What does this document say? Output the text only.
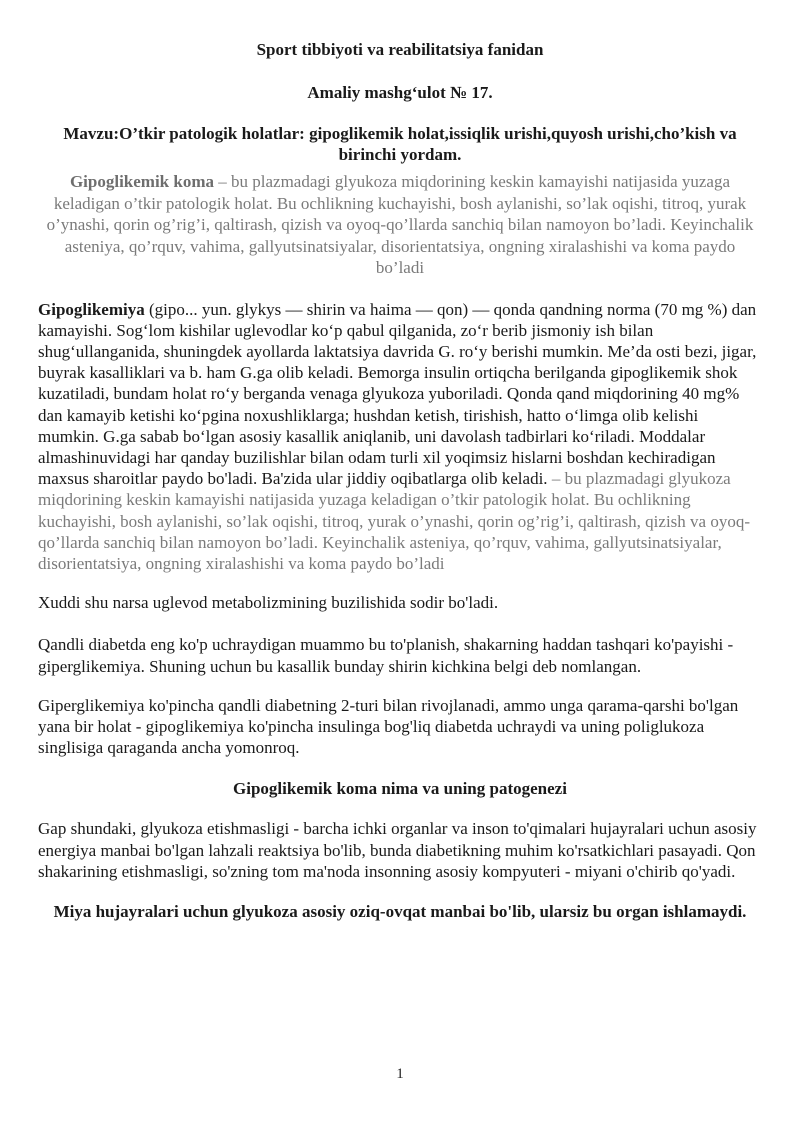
Sport tibbiyoti va reabilitatsiya fanidan

Amaliy mashg‘ulot № 17.

Mavzu:O’tkir patologik holatlar: gipoglikemik holat,issiqlik urishi,quyosh urishi,cho’kish va birinchi yordam.

Gipoglikemik koma – bu plazmadagi glyukoza miqdorining keskin kamayishi natijasida yuzaga keladigan o’tkir patologik holat. Bu ochlikning kuchayishi, bosh aylanishi, so’lak oqishi, titroq, yurak o’ynashi, qorin og’rig’i, qaltirash, qizish va oyoq-qo’llarda sanchiq bilan namoyon bo’ladi. Keyinchalik asteniya, qo’rquv, vahima, gallyutsinatsiyalar, disorientatsiya, ongning xiralashishi va koma paydo bo’ladi

Gipoglikemiya (gipo... yun. glykys — shirin va haima — qon) — qonda qandning norma (70 mg %) dan kamayishi. Sog‘lom kishilar uglevodlar ko‘p qabul qilganida, zo‘r berib jismoniy ish bilan shug‘ullanganida, shuningdek ayollarda laktatsiya davrida G. ro‘y berishi mumkin. Me’da osti bezi, jigar, buyrak kasalliklari va b. ham G.ga olib keladi. Bemorga insulin ortiqcha berilganda gipoglikemik shok kuzatiladi, bundam holat ro‘y berganda venaga glyukoza yuboriladi. Qonda qand miqdorining 40 mg% dan kamayib ketishi ko‘pgina noxushliklarga; hushdan ketish, tirishish, hatto o‘limga olib kelishi mumkin. G.ga sabab bo‘lgan asosiy kasallik aniqlanib, uni davolash tadbirlari ko‘riladi. Moddalar almashinuvidagi har qanday buzilishlar bilan odam turli xil yoqimsiz hislarni boshdan kechiradigan maxsus sharoitlar paydo bo'ladi. Ba'zida ular jiddiy oqibatlarga olib keladi. – bu plazmadagi glyukoza miqdorining keskin kamayishi natijasida yuzaga keladigan o’tkir patologik holat. Bu ochlikning kuchayishi, bosh aylanishi, so’lak oqishi, titroq, yurak o’ynashi, qorin og’rig’i, qaltirash, qizish va oyoq-qo’llarda sanchiq bilan namoyon bo’ladi. Keyinchalik asteniya, qo’rquv, vahima, gallyutsinatsiyalar, disorientatsiya, ongning xiralashishi va koma paydo bo’ladi

Xuddi shu narsa uglevod metabolizmining buzilishida sodir bo'ladi.

Qandli diabetda eng ko'p uchraydigan muammo bu to'planish, shakarning haddan tashqari ko'payishi - giperglikemiya. Shuning uchun bu kasallik bunday shirin kichkina belgi deb nomlangan.

Giperglikemiya ko'pincha qandli diabetning 2-turi bilan rivojlanadi, ammo unga qarama-qarshi bo'lgan yana bir holat - gipoglikemiya ko'pincha insulinga bog'liq diabetda uchraydi va uning poliglukoza singlisiga qaraganda ancha yomonroq.

Gipoglikemik koma nima va uning patogenezi

Gap shundaki, glyukoza etishmasligi - barcha ichki organlar va inson to'qimalari hujayralari uchun asosiy energiya manbai bo'lgan lahzali reaktsiya bo'lib, bunda diabetikning muhim ko'rsatkichlari pasayadi. Qon shakarining etishmasligi, so'zning tom ma'noda insonning asosiy kompyuteri - miyani o'chirib qo'yadi.

Miya hujayralari uchun glyukoza asosiy oziq-ovqat manbai bo'lib, ularsiz bu organ ishlamaydi.

1
